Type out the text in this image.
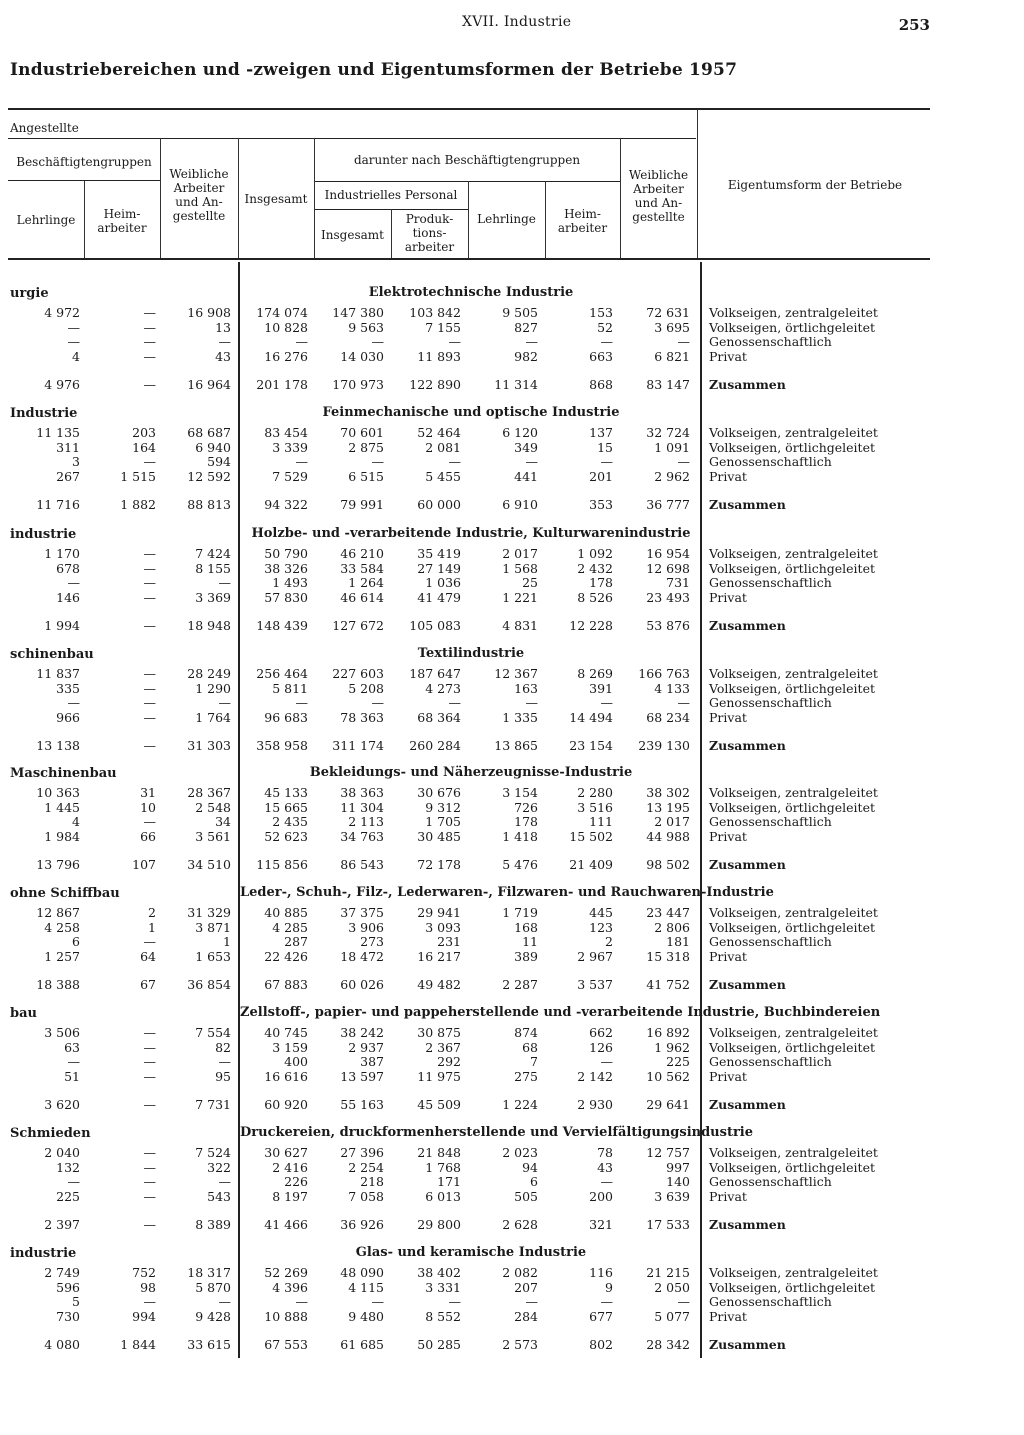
XVII. Industrie	253
Industriebereichen und -zweigen und Eigentumsformen der Betriebe 1957
Angestellte
Beschäftigtengruppen
Lehrlinge	Heim-
arbeiter
Weibliche
Arbeiter
und An-
gestellte
Insgesamt
darunter nach Beschäftigtengruppen
Industrielles Personal
Insgesamt
Produk-
tions-
arbeiter
Lehrlinge	Heim-
arbeiter
Weibliche
Arbeiter
und An-
gestellte
Eigentumsform der Betriebe
urgie	Elektrotechnische Industrie
4 972	—	16 908	174 074	147 380	103 842	9 505	153	72 631 Volkseigen, zentralgeleitet
—	—	13	10 828	9 563	7 155	827	52	3 695 Volkseigen, örtlichgeleitet
—	—	—	—	—	—	—	—	— Genossenschaftlich
4	—	43	16 276	14 030	11 893	982	663	6 821 Privat
4 976	—	16 964	201 178	170 973	122 890	11 314	868	83 147 Zusammen
Industrie	Feinmechanische und optische Industrie
11 135	203	68 687	83 454	70 601	52 464	6 120	137	32 724 Volkseigen, zentralgeleitet
311	164	6 940	3 339	2 875	2 081	349	15	1 091 Volkseigen, örtlichgeleitet
3	—	594	—	—	—	—	—	— Genossenschaftlich
267	1 515	12 592	7 529	6 515	5 455	441	201	2 962 Privat
11 716	1 882	88 813	94 322	79 991	60 000	6 910	353	36 777 Zusammen
industrie	Holzbe- und -verarbeitende Industrie, Kulturwarenindustrie
1 170	—	7 424	50 790	46 210	35 419	2 017	1 092	16 954 Volkseigen, zentralgeleitet
678	—	8 155	38 326	33 584	27 149	1 568	2 432	12 698 Volkseigen, örtlichgeleitet
—	—	—	1 493	1 264	1 036	25	178	731 Genossenschaftlich
146	—	3 369	57 830	46 614	41 479	1 221	8 526	23 493 Privat
1 994	—	18 948	148 439	127 672	105 083	4 831	12 228	53 876 Zusammen
schinenbau	Textilindustrie
11 837	—	28 249	256 464	227 603	187 647	12 367	8 269	166 763 Volkseigen, zentralgeleitet
335	—	1 290	5 811	5 208	4 273	163	391	4 133 Volkseigen, örtlichgeleitet
—	—	—	—	—	—	—	—	— Genossenschaftlich
966	—	1 764	96 683	78 363	68 364	1 335	14 494	68 234 Privat
13 138	—	31 303	358 958	311 174	260 284	13 865	23 154	239 130 Zusammen
Maschinenbau	Bekleidungs- und Näherzeugnisse-Industrie
10 363	31	28 367	45 133	38 363	30 676	3 154	2 280	38 302 Volkseigen, zentralgeleitet
1 445	10	2 548	15 665	11 304	9 312	726	3 516	13 195 Volkseigen, örtlichgeleitet
4	—	34	2 435	2 113	1 705	178	111	2 017 Genossenschaftlich
1 984	66	3 561	52 623	34 763	30 485	1 418	15 502	44 988 Privat
13 796	107	34 510	115 856	86 543	72 178	5 476	21 409	98 502 Zusammen
ohne Schiffbau	Leder-, Schuh-, Filz-, Lederwaren-, Filzwaren- und Rauchwaren-Industrie
12 867	2	31 329	40 885	37 375	29 941	1 719	445	23 447 Volkseigen, zentralgeleitet
4 258	1	3 871	4 285	3 906	3 093	168	123	2 806 Volkseigen, örtlichgeleitet
6	—	1	287	273	231	11	2	181 Genossenschaftlich
1 257	64	1 653	22 426	18 472	16 217	389	2 967	15 318 Privat
18 388	67	36 854	67 883	60 026	49 482	2 287	3 537	41 752 Zusammen
bau	Zellstoff-, papier- und pappeherstellende und -verarbeitende Industrie, Buchbindereien
3 506	—	7 554	40 745	38 242	30 875	874	662	16 892 Volkseigen, zentralgeleitet
63	—	82	3 159	2 937	2 367	68	126	1 962 Volkseigen, örtlichgeleitet
—	—	—	400	387	292	7	—	225 Genossenschaftlich
51	—	95	16 616	13 597	11 975	275	2 142	10 562 Privat
3 620	—	7 731	60 920	55 163	45 509	1 224	2 930	29 641 Zusammen
Schmieden	Druckereien, druckformenherstellende und Vervielfältigungsindustrie
2 040	—	7 524	30 627	27 396	21 848	2 023	78	12 757 Volkseigen, zentralgeleitet
132	—	322	2 416	2 254	1 768	94	43	997 Volkseigen, örtlichgeleitet
—	—	—	226	218	171	6	—	140 Genossenschaftlich
225	—	543	8 197	7 058	6 013	505	200	3 639 Privat
2 397	—	8 389	41 466	36 926	29 800	2 628	321	17 533 Zusammen
industrie	Glas- und keramische Industrie
2 749	752	18 317	52 269	48 090	38 402	2 082	116	21 215 Volkseigen, zentralgeleitet
596	98	5 870	4 396	4 115	3 331	207	9	2 050 Volkseigen, örtlichgeleitet
5	—	—	—	—	—	—	—	— Genossenschaftlich
730	994	9 428	10 888	9 480	8 552	284	677	5 077 Privat
4 080	1 844	33 615	67 553	61 685	50 285	2 573	802	28 342 Zusammen
